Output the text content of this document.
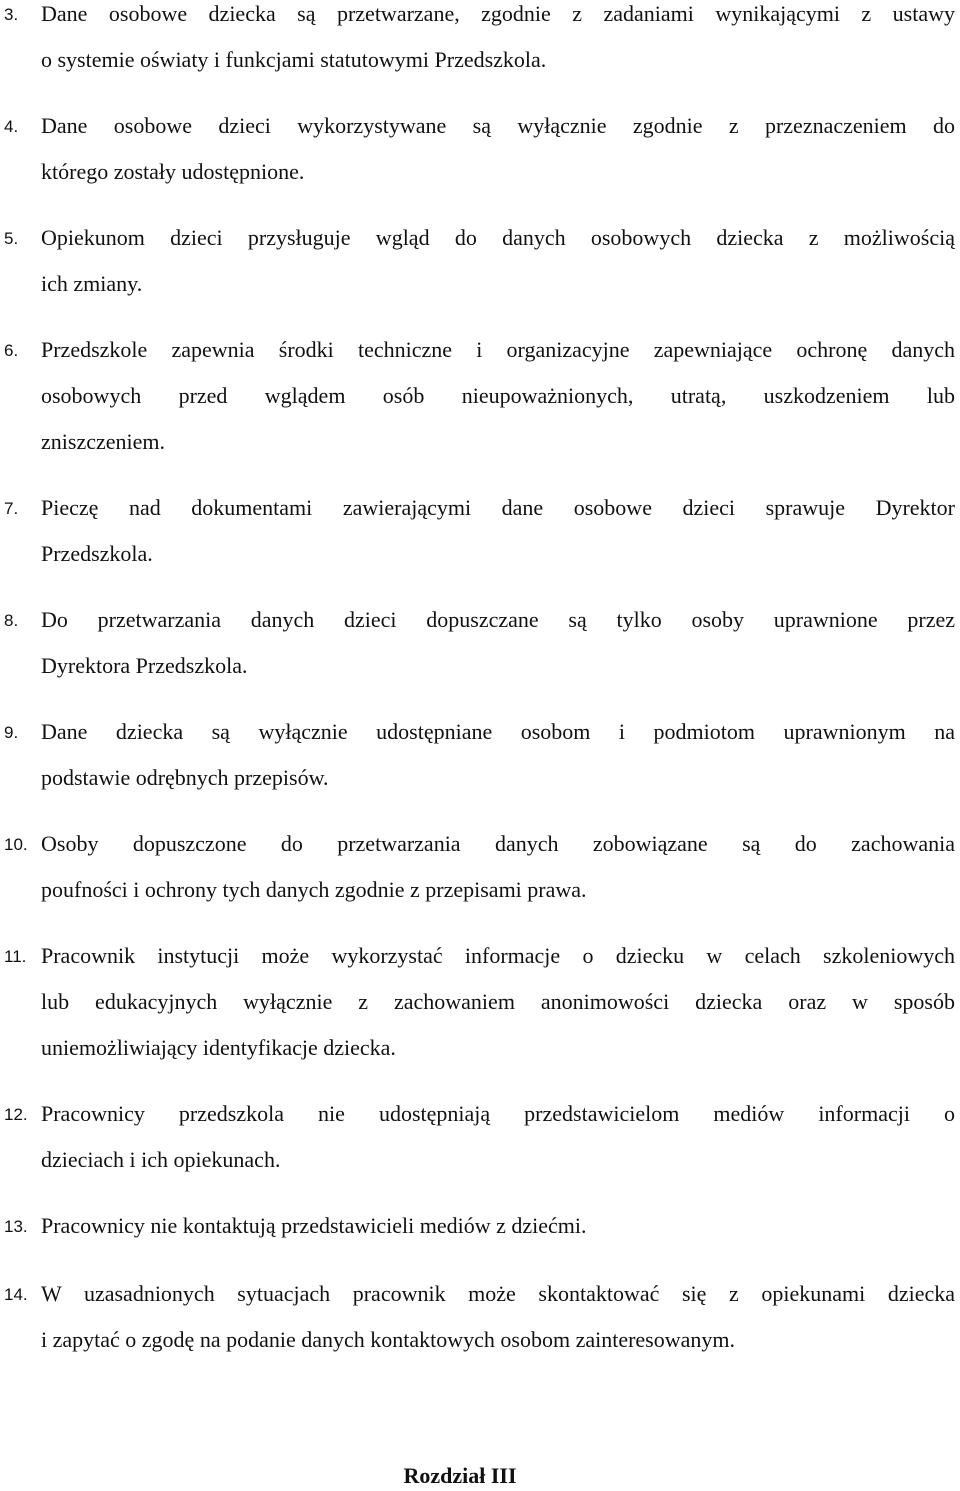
3. Dane osobowe dziecka są przetwarzane, zgodnie z zadaniami wynikającymi z ustawy
o systemie oświaty i funkcjami statutowymi Przedszkola.
4. Dane osobowe dzieci wykorzystywane są wyłącznie zgodnie z przeznaczeniem do
którego zostały udostępnione.
5. Opiekunom dzieci przysługuje wgląd do danych osobowych dziecka z możliwością
ich zmiany.
6. Przedszkole zapewnia środki techniczne i organizacyjne zapewniające ochronę danych
osobowych przed wglądem osób nieupoważnionych, utratą, uszkodzeniem lub
zniszczeniem.
7. Pieczę nad dokumentami zawierającymi dane osobowe dzieci sprawuje Dyrektor
Przedszkola.
8. Do przetwarzania danych dzieci dopuszczane są tylko osoby uprawnione przez
Dyrektora Przedszkola.
9. Dane dziecka są wyłącznie udostępniane osobom i podmiotom uprawnionym na
podstawie odrębnych przepisów.
10. Osoby dopuszczone do przetwarzania danych zobowiązane są do zachowania
poufności i ochrony tych danych zgodnie z przepisami prawa.
11. Pracownik instytucji może wykorzystać informacje o dziecku w celach szkoleniowych
lub edukacyjnych wyłącznie z zachowaniem anonimowości dziecka oraz w sposób
uniemożliwiający identyfikacje dziecka.
12. Pracownicy przedszkola nie udostępniają przedstawicielom mediów informacji o
dzieciach i ich opiekunach.
13. Pracownicy nie kontaktują przedstawicieli mediów z dziećmi.
14. W uzasadnionych sytuacjach pracownik może skontaktować się z opiekunami dziecka
i zapytać o zgodę na podanie danych kontaktowych osobom zainteresowanym.
Rozdział III
